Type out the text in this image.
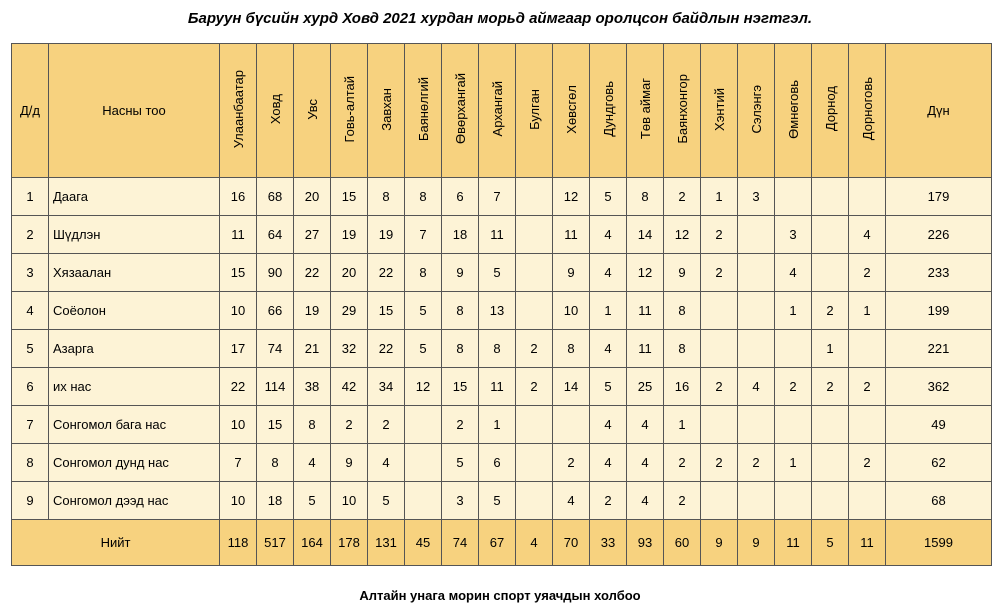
Баруун бүсийн хурд Ховд 2021 хурдан морьд аймгаар оролцсон байдлын нэгтгэл.
Д/д	Насны тоо	Улаанбаатар	Ховд	Увс	Говь-алтай	Завхан	Баянөлгий	Өвөрхангай	Архангай	Булган	Хөвсгөл	Дундговь	Төв аймаг	Баянхонгор	Хэнтий	Сэлэнгэ	Өмнөговь	Дорнод	Дорноговь	Дүн
1	Даага	16	68	20	15	8	8	6	7		12	5	8	2	1	3				179
2	Шүдлэн	11	64	27	19	19	7	18	11		11	4	14	12	2		3		4	226
3	Хязаалан	15	90	22	20	22	8	9	5		9	4	12	9	2		4		2	233
4	Соёолон	10	66	19	29	15	5	8	13		10	1	11	8			1	2	1	199
5	Азарга	17	74	21	32	22	5	8	8	2	8	4	11	8				1		221
6	их нас	22	114	38	42	34	12	15	11	2	14	5	25	16	2	4	2	2	2	362
7	Сонгомол бага нас	10	15	8	2	2		2	1			4	4	1						49
8	Сонгомол дунд нас	7	8	4	9	4		5	6		2	4	4	2	2	2	1		2	62
9	Сонгомол дээд нас	10	18	5	10	5		3	5		4	2	4	2						68
Нийт		118	517	164	178	131	45	74	67	4	70	33	93	60	9	9	11	5	11	1599
Алтайн унага морин спорт уяачдын холбоо
